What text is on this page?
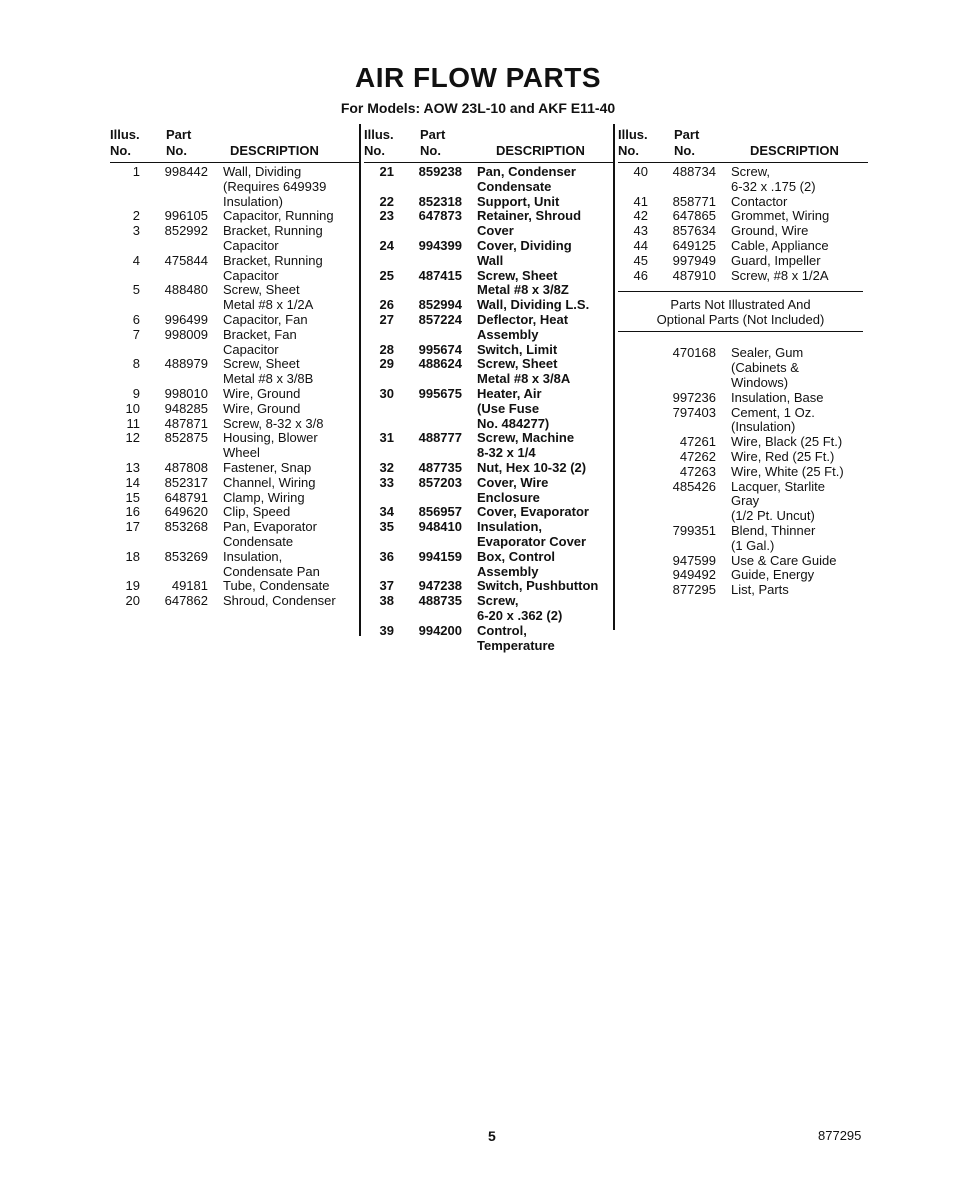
AIR FLOW PARTS
For Models: AOW 23L-10 and AKF E11-40
Illus.
No.
Part
No.	DESCRIPTION
1	998442 Wall, Dividing
(Requires 649939
Insulation)
2	996105 Capacitor, Running
3	852992 Bracket, Running
Capacitor
4	475844 Bracket, Running
Capacitor
5	488480 Screw, Sheet
Metal #8 x 1/2A
6	996499 Capacitor, Fan
7	998009 Bracket, Fan
Capacitor
8	488979 Screw, Sheet
Metal #8 x 3/8B
9	998010 Wire, Ground
10	948285 Wire, Ground
11	487871 Screw, 8-32 x 3/8
12	852875 Housing, Blower
Wheel
13	487808 Fastener, Snap
14	852317 Channel, Wiring
15	648791 Clamp, Wiring
16	649620 Clip, Speed
17	853268 Pan, Evaporator
Condensate
18	853269 Insulation,
Condensate Pan
19	49181 Tube, Condensate
20	647862 Shroud, Condenser
Illus.
No.
Part
No.	DESCRIPTION
21	859238 Pan, Condenser
Condensate
22	852318 Support, Unit
23	647873 Retainer, Shroud
Cover
24	994399 Cover, Dividing
Wall
25	487415 Screw, Sheet
Metal #8 x 3/8Z
26	852994 Wall, Dividing L.S.
27	857224 Deflector, Heat
Assembly
28	995674 Switch, Limit
29	488624 Screw, Sheet
Metal #8 x 3/8A
30	995675 Heater, Air
(Use Fuse
No. 484277)
31	488777 Screw, Machine
8-32 x 1/4
32	487735 Nut, Hex 10-32 (2)
33	857203 Cover, Wire
Enclosure
34	856957 Cover, Evaporator
35	948410 Insulation,
Evaporator Cover
36	994159 Box, Control
Assembly
37	947238 Switch, Pushbutton
38	488735 Screw,
6-20 x .362 (2)
39	994200 Control,
Temperature
Illus.
No.
Part
No.	DESCRIPTION
40	488734 Screw,
6-32 x .175 (2)
41	858771 Contactor
42	647865 Grommet, Wiring
43	857634 Ground, Wire
44	649125 Cable, Appliance
45	997949 Guard, Impeller
46	487910 Screw, #8 x 1/2A
Parts Not Illustrated And
Optional Parts (Not Included)
470168 Sealer, Gum
(Cabinets &
Windows)
997236 Insulation, Base
797403 Cement, 1 Oz.
(Insulation)
47261 Wire, Black (25 Ft.)
47262 Wire, Red (25 Ft.)
47263 Wire, White (25 Ft.)
485426 Lacquer, Starlite
Gray
(1/2 Pt. Uncut)
799351 Blend, Thinner
(1 Gal.)
947599 Use & Care Guide
949492 Guide, Energy
877295 List, Parts
5	877295
